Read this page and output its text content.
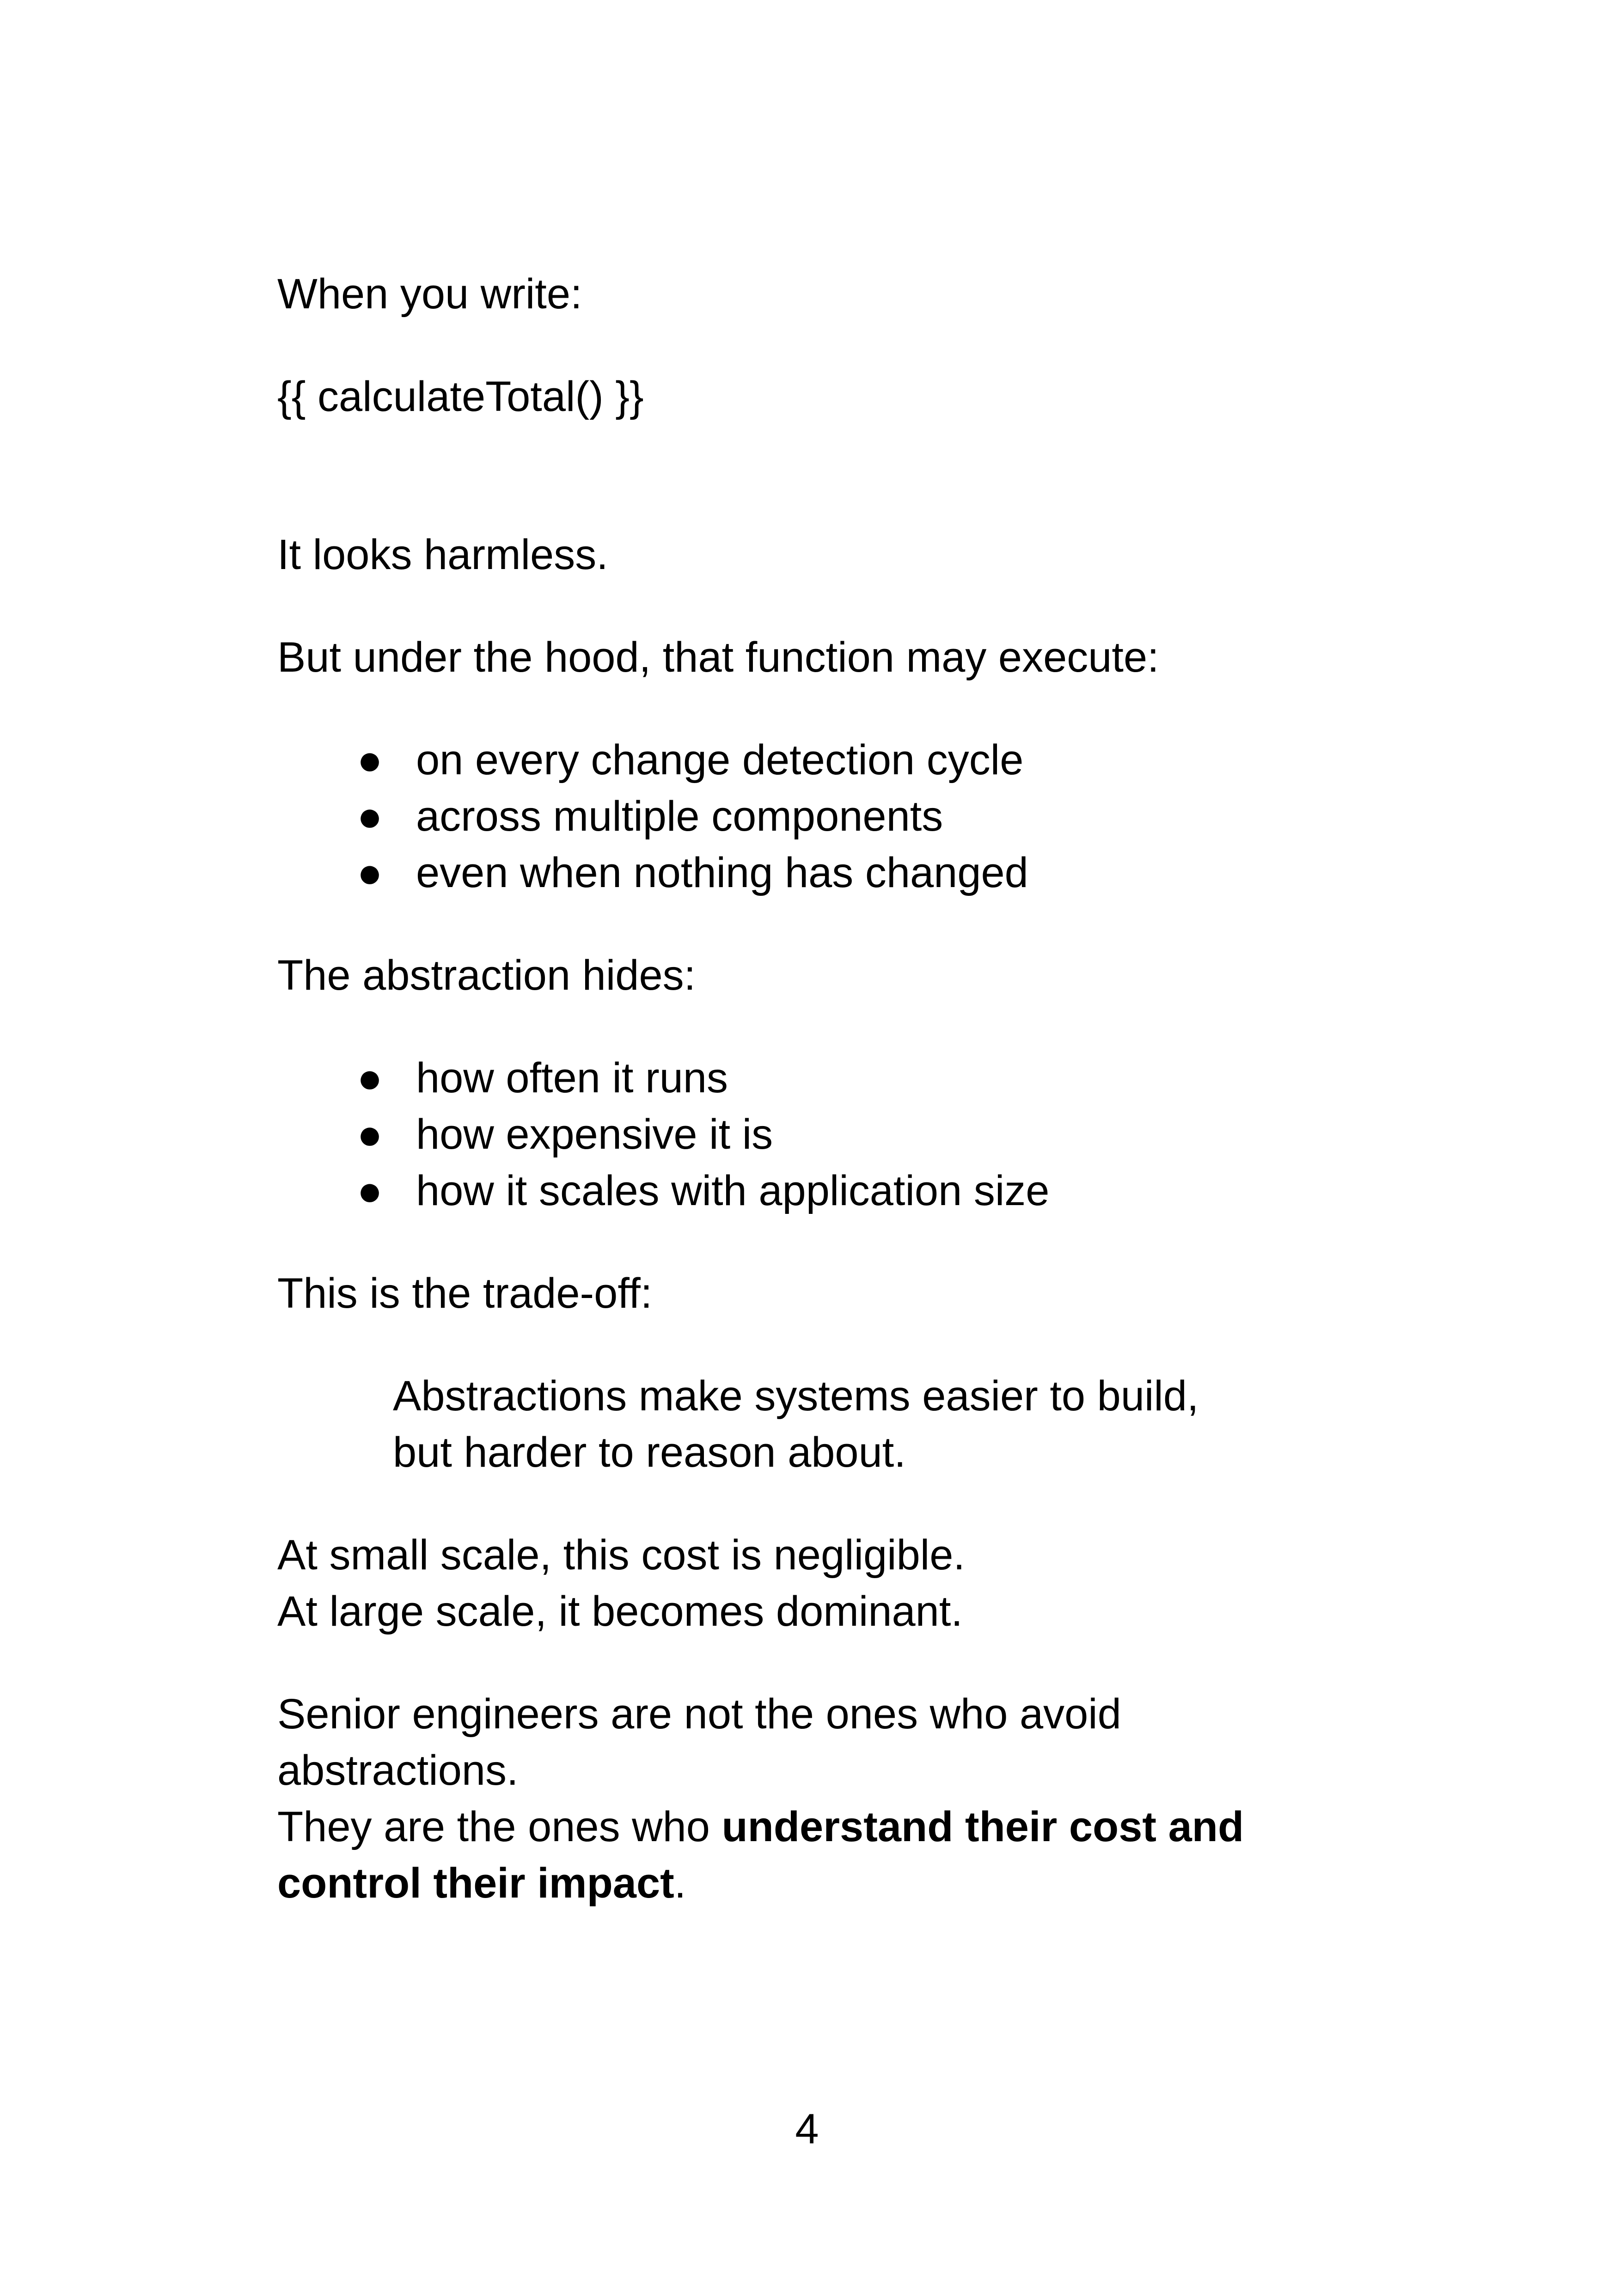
When you write:

{{ calculateTotal() }}

It looks harmless.

But under the hood, that function may execute:

● on every change detection cycle
● across multiple components
● even when nothing has changed

The abstraction hides:

● how often it runs
● how expensive it is
● how it scales with application size

This is the trade-off:

Abstractions make systems easier to build,
but harder to reason about.

At small scale, this cost is negligible.
At large scale, it becomes dominant.

Senior engineers are not the ones who avoid
abstractions.
They are the ones who understand their cost and
control their impact.

4
